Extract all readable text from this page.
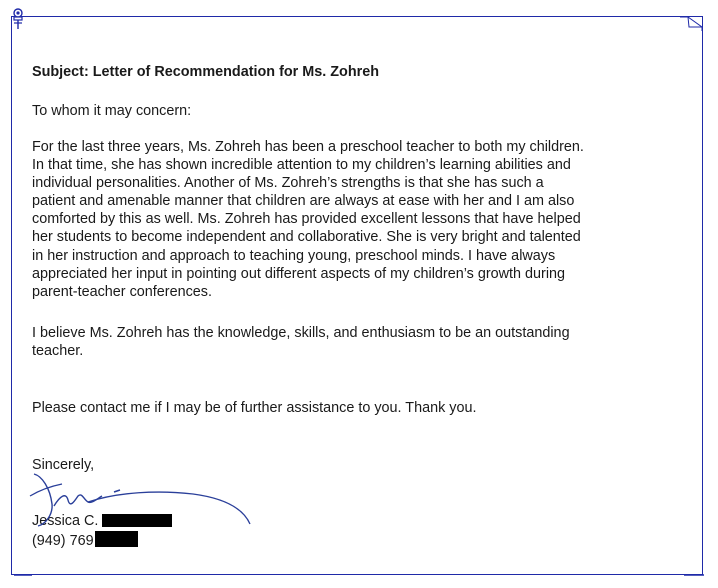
Subject: Letter of Recommendation for Ms. Zohreh

To whom it may concern:

For the last three years, Ms. Zohreh has been a preschool teacher to both my children.
In that time, she has shown incredible attention to my children’s learning abilities and
individual personalities. Another of Ms. Zohreh’s strengths is that she has such a
patient and amenable manner that children are always at ease with her and I am also
comforted by this as well. Ms. Zohreh has provided excellent lessons that have helped
her students to become independent and collaborative. She is very bright and talented
in her instruction and approach to teaching young, preschool minds. I have always
appreciated her input in pointing out different aspects of my children’s growth during
parent-teacher conferences.

I believe Ms. Zohreh has the knowledge, skills, and enthusiasm to be an outstanding
teacher.

Please contact me if I may be of further assistance to you. Thank you.

Sincerely,

Jessica C.

(949) 769
